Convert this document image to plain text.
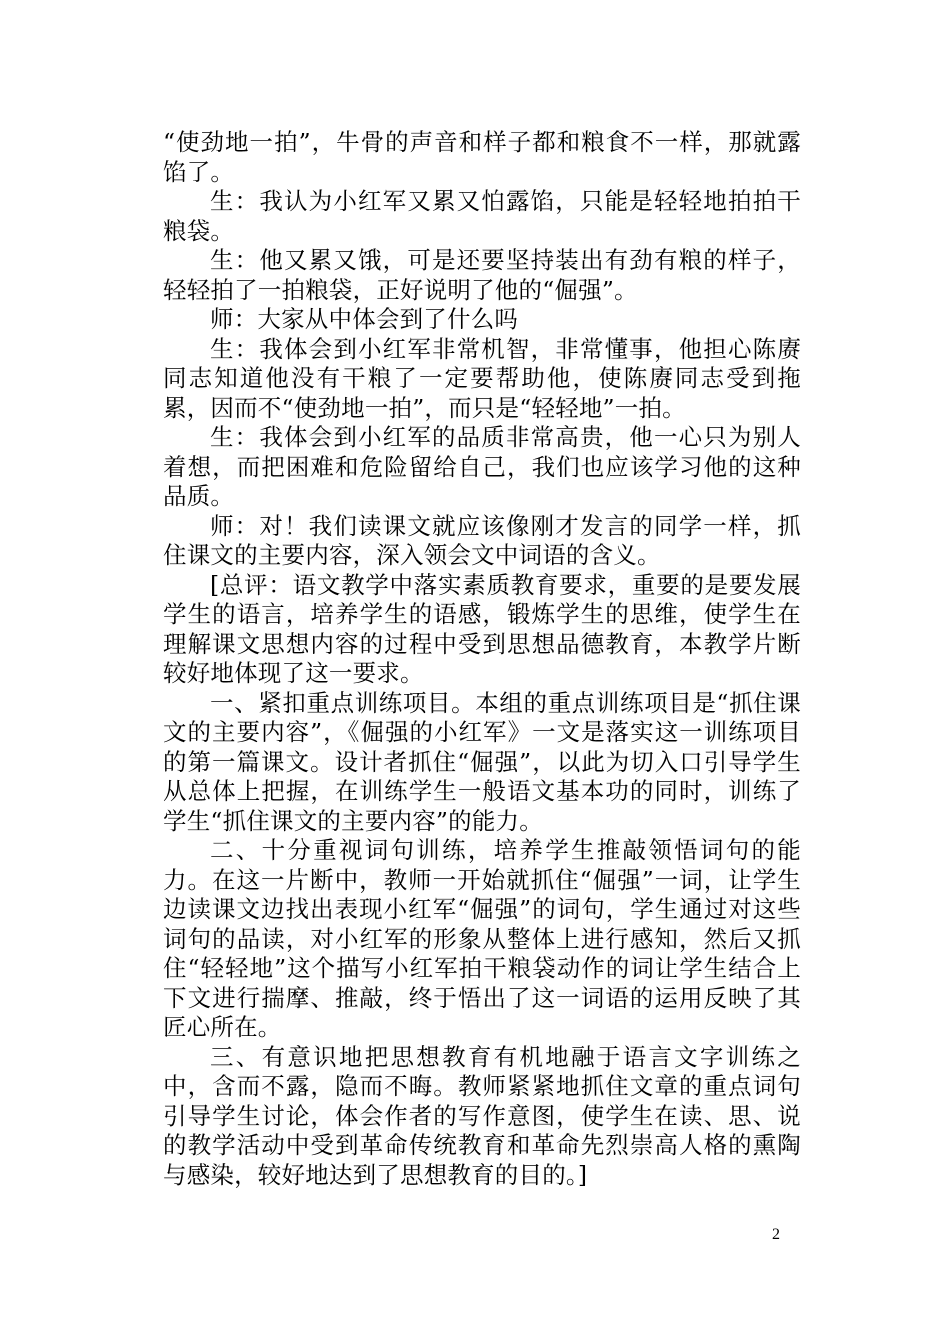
“使劲地一拍”，牛骨的声音和样子都和粮食不一样，那就露馅了。

生：我认为小红军又累又怕露馅，只能是轻轻地拍拍干粮袋。

生：他又累又饿，可是还要坚持装出有劲有粮的样子，轻轻拍了一拍粮袋，正好说明了他的“倔强”。

师：大家从中体会到了什么吗

生：我体会到小红军非常机智，非常懂事，他担心陈赓同志知道他没有干粮了一定要帮助他，使陈赓同志受到拖累，因而不“使劲地一拍”，而只是“轻轻地”一拍。

生：我体会到小红军的品质非常高贵，他一心只为别人着想，而把困难和危险留给自己，我们也应该学习他的这种品质。

师：对！我们读课文就应该像刚才发言的同学一样，抓住课文的主要内容，深入领会文中词语的含义。

[总评：语文教学中落实素质教育要求，重要的是要发展学生的语言，培养学生的语感，锻炼学生的思维，使学生在理解课文思想内容的过程中受到思想品德教育，本教学片断较好地体现了这一要求。

一、紧扣重点训练项目。本组的重点训练项目是“抓住课文的主要内容”，《倔强的小红军》一文是落实这一训练项目的第一篇课文。设计者抓住“倔强”，以此为切入口引导学生从总体上把握，在训练学生一般语文基本功的同时，训练了学生“抓住课文的主要内容”的能力。

二、十分重视词句训练，培养学生推敲领悟词句的能力。在这一片断中，教师一开始就抓住“倔强”一词，让学生边读课文边找出表现小红军“倔强”的词句，学生通过对这些词句的品读，对小红军的形象从整体上进行感知，然后又抓住“轻轻地”这个描写小红军拍干粮袋动作的词让学生结合上下文进行揣摩、推敲，终于悟出了这一词语的运用反映了其匠心所在。

三、有意识地把思想教育有机地融于语言文字训练之中，含而不露，隐而不晦。教师紧紧地抓住文章的重点词句引导学生讨论，体会作者的写作意图，使学生在读、思、说的教学活动中受到革命传统教育和革命先烈崇高人格的熏陶与感染，较好地达到了思想教育的目的。]

2
